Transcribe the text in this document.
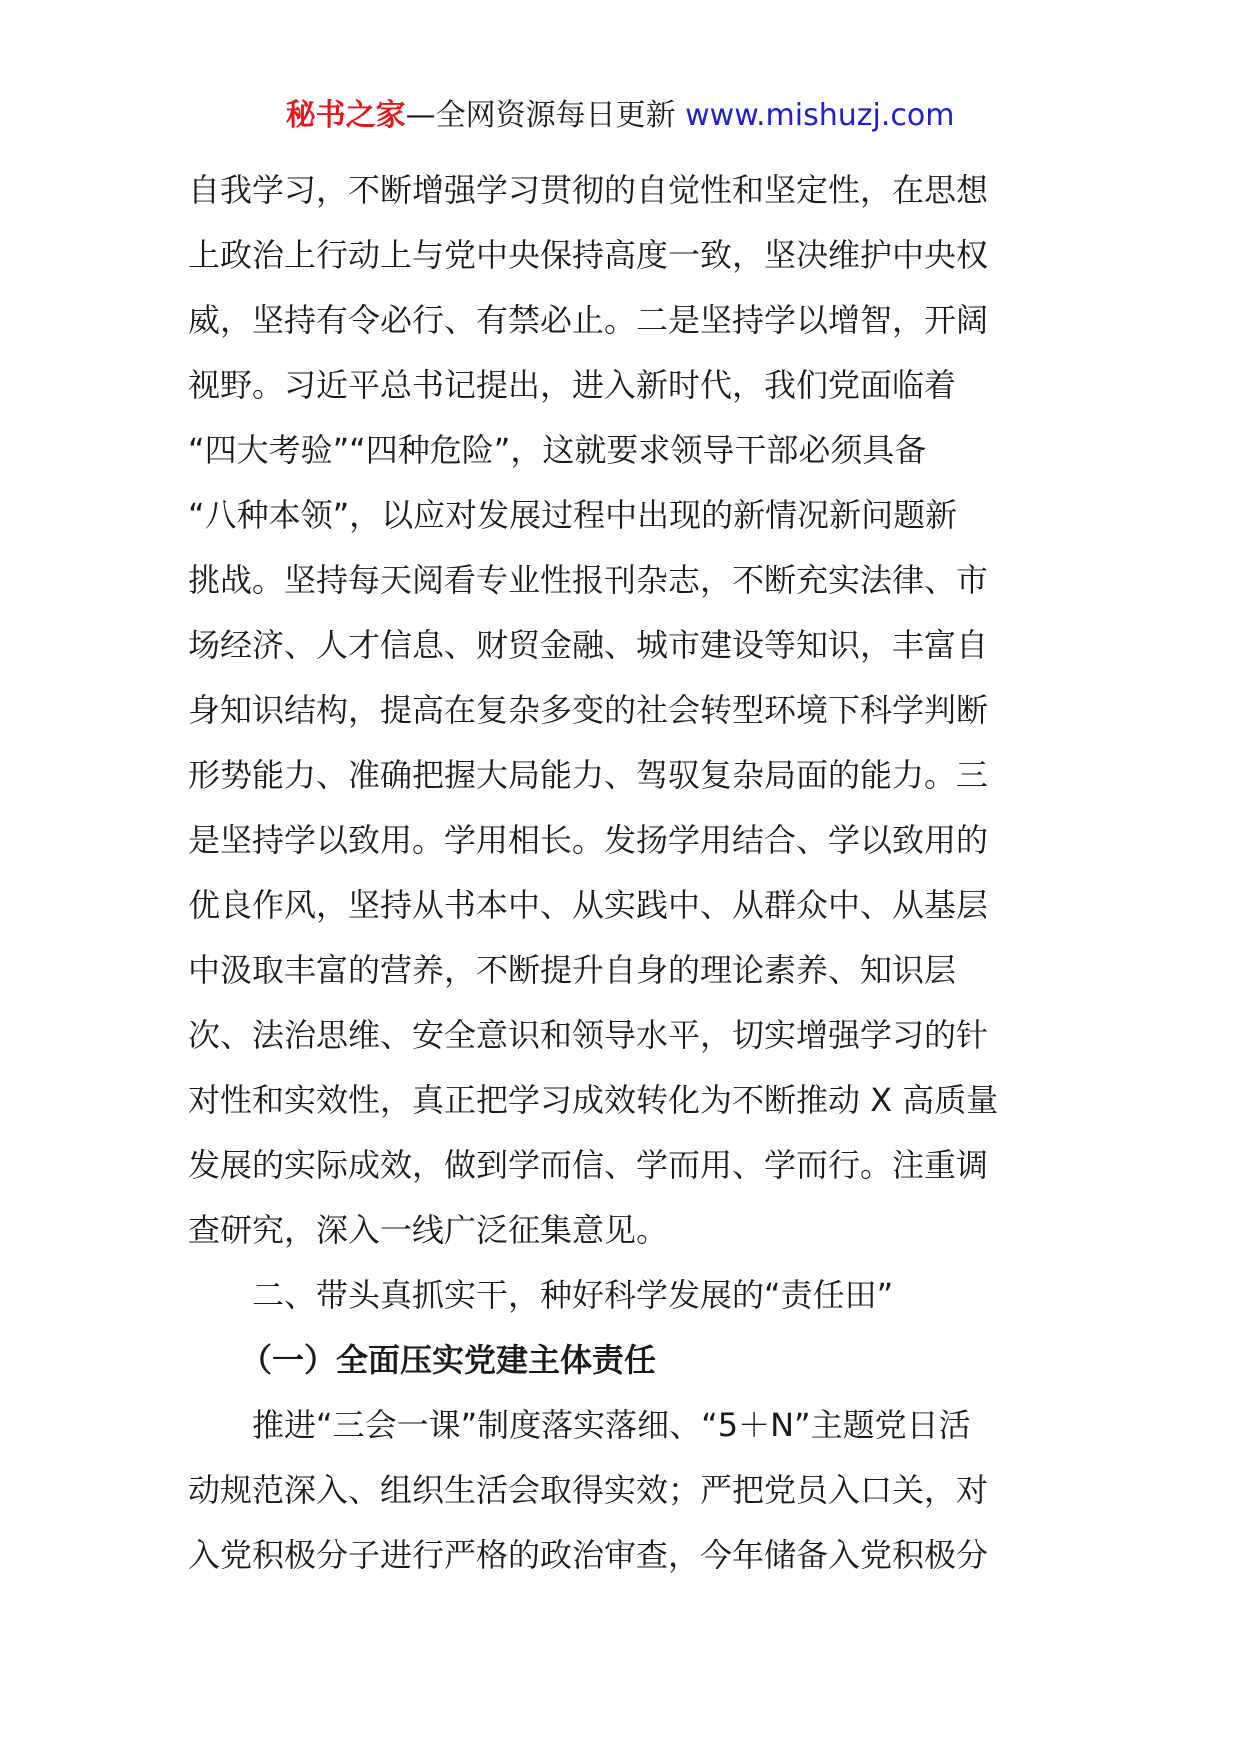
秘书之家—全网资源每日更新 www.mishuzj.com
自我学习，不断增强学习贯彻的自觉性和坚定性，在思想
上政治上行动上与党中央保持高度一致，坚决维护中央权
威，坚持有令必行、有禁必止。二是坚持学以增智，开阔
视野。习近平总书记提出，进入新时代，我们党面临着
“四大考验”“四种危险”，这就要求领导干部必须具备
“八种本领”，以应对发展过程中出现的新情况新问题新
挑战。坚持每天阅看专业性报刊杂志，不断充实法律、市
场经济、人才信息、财贸金融、城市建设等知识，丰富自
身知识结构，提高在复杂多变的社会转型环境下科学判断
形势能力、准确把握大局能力、驾驭复杂局面的能力。三
是坚持学以致用。学用相长。发扬学用结合、学以致用的
优良作风，坚持从书本中、从实践中、从群众中、从基层
中汲取丰富的营养，不断提升自身的理论素养、知识层
次、法治思维、安全意识和领导水平，切实增强学习的针
对性和实效性，真正把学习成效转化为不断推动 X 高质量
发展的实际成效，做到学而信、学而用、学而行。注重调
查研究，深入一线广泛征集意见。
二、带头真抓实干，种好科学发展的“责任田”
（一）全面压实党建主体责任
推进“三会一课”制度落实落细、“5＋N”主题党日活
动规范深入、组织生活会取得实效；严把党员入口关，对
入党积极分子进行严格的政治审查，今年储备入党积极分
